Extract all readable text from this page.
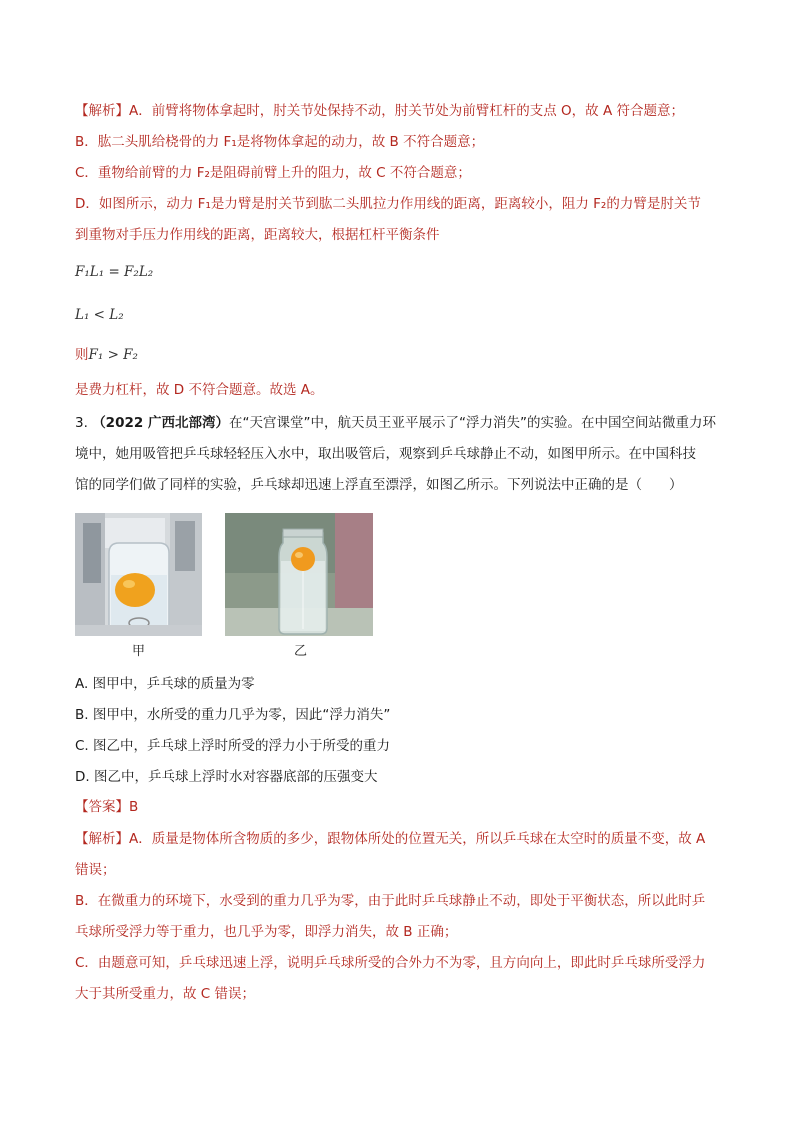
【解析】A．前臂将物体拿起时，肘关节处保持不动，肘关节处为前臂杠杆的支点 O，故 A 符合题意；
B．肱二头肌给桡骨的力 F₁是将物体拿起的动力，故 B 不符合题意；
C．重物给前臂的力 F₂是阻碍前臂上升的阻力，故 C 不符合题意；
D．如图所示，动力 F₁是力臂是肘关节到肱二头肌拉力作用线的距离，距离较小，阻力 F₂的力臂是肘关节
到重物对手压力作用线的距离，距离较大，根据杠杆平衡条件
F₁L₁ = F₂L₂
L₁ < L₂
则F₁ > F₂
是费力杠杆，故 D 不符合题意。故选 A。
3. （2022 广西北部湾）在“天宫课堂”中，航天员王亚平展示了“浮力消失”的实验。在中国空间站微重力环
境中，她用吸管把乒乓球轻轻压入水中，取出吸管后，观察到乒乓球静止不动，如图甲所示。在中国科技
馆的同学们做了同样的实验，乒乓球却迅速上浮直至漂浮，如图乙所示。下列说法中正确的是（　　）
甲	乙
A. 图甲中，乒乓球的质量为零
B. 图甲中，水所受的重力几乎为零，因此“浮力消失”
C. 图乙中，乒乓球上浮时所受的浮力小于所受的重力
D. 图乙中，乒乓球上浮时水对容器底部的压强变大
【答案】B
【解析】A．质量是物体所含物质的多少，跟物体所处的位置无关，所以乒乓球在太空时的质量不变，故 A
错误；
B．在微重力的环境下，水受到的重力几乎为零，由于此时乒乓球静止不动，即处于平衡状态，所以此时乒
乓球所受浮力等于重力，也几乎为零，即浮力消失，故 B 正确；
C．由题意可知，乒乓球迅速上浮，说明乒乓球所受的合外力不为零，且方向向上，即此时乒乓球所受浮力
大于其所受重力，故 C 错误；
